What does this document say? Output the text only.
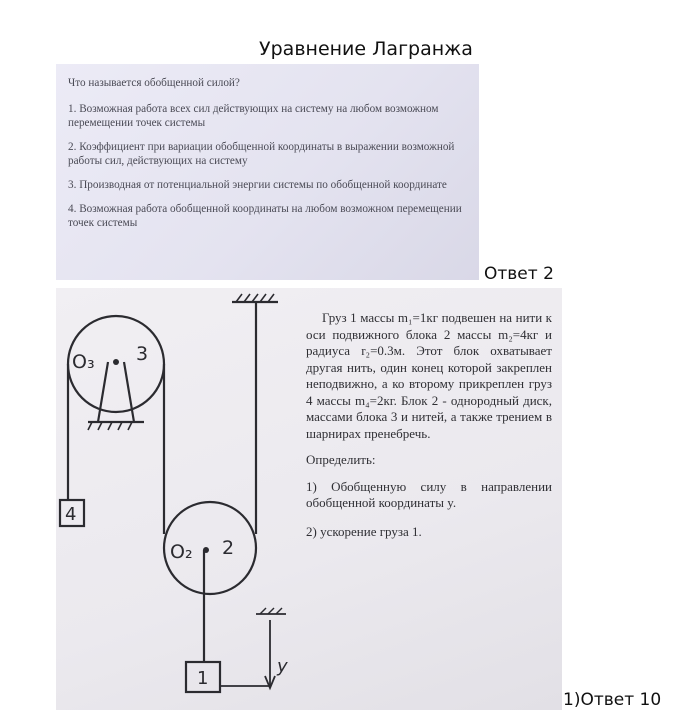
Уравнение Лагранжа
Что называется обобщенной силой?
1. Возможная работа всех сил действующих на систему на любом возможном перемещении точек системы
2. Коэффициент при вариации обобщенной координаты в выражении возможной работы сил, действующих на систему
3. Производная от потенциальной энергии системы по обобщенной координате
4. Возможная работа обобщенной координаты на любом возможном перемещении точек системы
Ответ 2
O₃ 3
O₂ 2
4
1
y

Груз 1 массы m₁=1кг подвешен на нити к оси подвижного блока 2 массы m₂=4кг и радиуса r₂=0.3м. Этот блок охватывает другая нить, один конец которой закреплен неподвижно, а ко второму прикреплен груз 4 массы m₄=2кг. Блок 2 - однородный диск, массами блока 3 и нитей, а также трением в шарнирах пренебречь.

Определить:

1) Обобщенную силу в направлении обобщенной координаты y.

2) ускорение груза 1.

1)Ответ 10
